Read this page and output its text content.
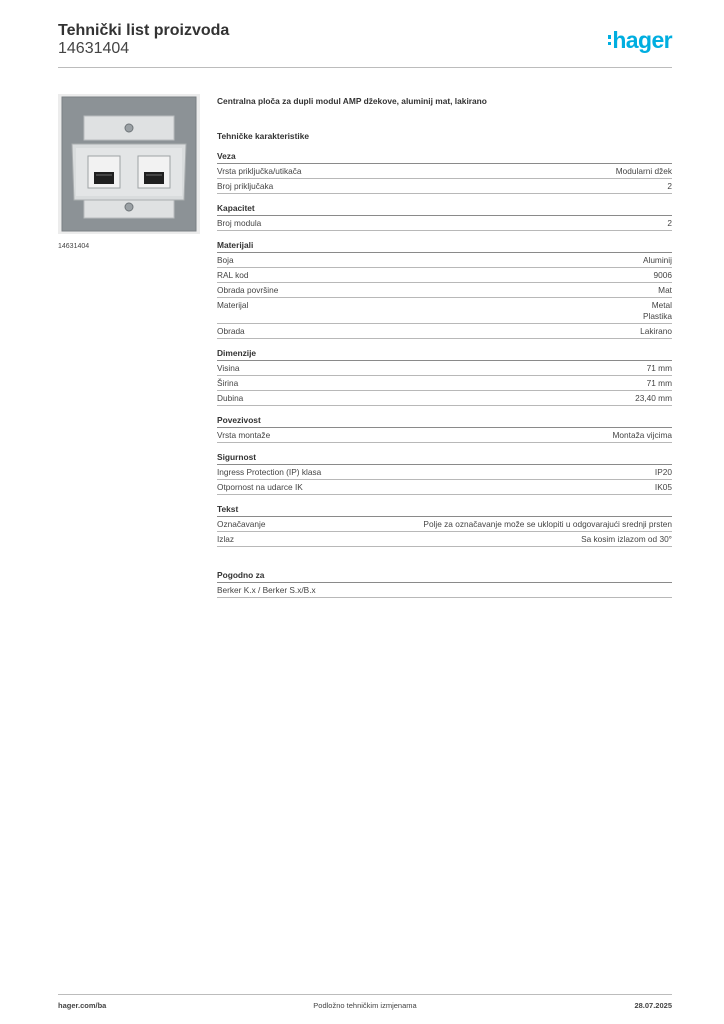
Tehnički list proizvoda
14631404	hager
14631404
Centralna ploča za dupli modul AMP džekove, aluminij mat, lakirano
Tehničke karakteristike
Veza
Vrsta priključka/utikača	Modularni džek
Broj priključaka	2
Kapacitet
Broj modula	2
Materijali
Boja	Aluminij
RAL kod	9006
Obrada površine	Mat
Materijal	Metal
Plastika
Obrada	Lakirano
Dimenzije
Visina	71 mm
Širina	71 mm
Dubina	23,40 mm
Povezivost
Vrsta montaže	Montaža vijcima
Sigurnost
Ingress Protection (IP) klasa	IP20
Otpornost na udarce IK	IK05
Tekst
Označavanje	Polje za označavanje može se uklopiti u odgovarajući srednji prsten
Izlaz	Sa kosim izlazom od 30°
Pogodno za
Berker K.x / Berker S.x/B.x
hager.com/ba	Podložno tehničkim izmjenama	28.07.2025
